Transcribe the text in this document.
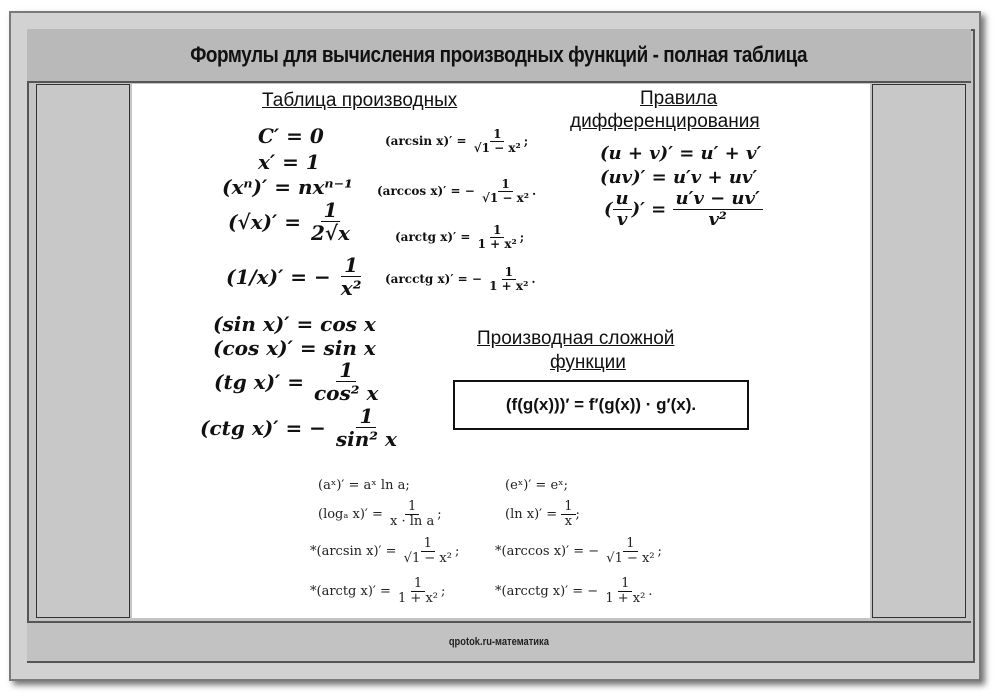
Формулы для вычисления производных функций - полная таблица
qpotok.ru-математика
Таблица производных	Правила
дифференцирования
Производная сложной
функции
C′ = 0
x′ = 1
(xⁿ)′ = nxⁿ⁻¹
(√x)′ =
$\frac{1}{2√x}$
(1/x)′ = −
$\frac{1}{\text{x²}}$
(sin x)′ = cos x
(cos x)′ = sin x
(tg x)′ =
$\frac{1}{\text{cos² x}}$
(ctg x)′ = −
$\frac{1}{\text{sin² x}}$
(arcsin x)′ =
$\frac{1}{\text{√1 − x²}}$ ;
(arccos x)′ = −
$\frac{1}{\text{√1 − x²}}$ .
(arctg x)′ =
$\frac{1}{\text{1 + x²}}$ ;
(arcctg x)′ = −
$\frac{1}{\text{1 + x²}}$ .
(u + v)′ = u′ + v′
(uv)′ = u′v + uv′
( $\frac{u}{v}$ )′ = $\frac{u'v - uv'}{\text{v²}}$
(f(g(x)))′ = f′(g(x)) · g′(x).
(aˣ)′ = aˣ ln a;	(eˣ)′ = eˣ;
(logₐ x)′ =
$\frac{1}{\text{x · ln a}}$ ;	(ln x)′ =
$\frac{1}{x}$ ;
*(arcsin x)′ =
$\frac{1}{\text{√1 − x²}}$ ;	*(arccos x)′ = −
$\frac{1}{\text{√1 − x²}}$ ;
*(arctg x)′ =
$\frac{1}{\text{1 + x²}}$ ;	*(arcctg x)′ = −
$\frac{1}{\text{1 + x²}}$ .
